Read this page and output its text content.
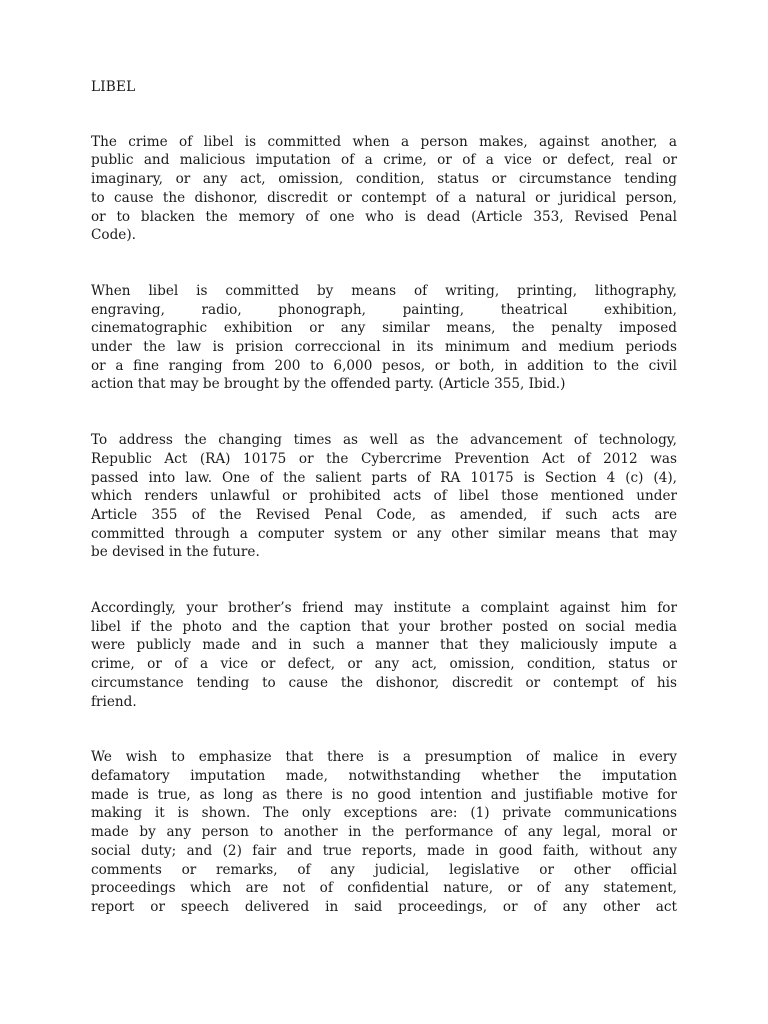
LIBEL
The crime of libel is committed when a person makes, against another, a
public and malicious imputation of a crime, or of a vice or defect, real or
imaginary, or any act, omission, condition, status or circumstance tending
to cause the dishonor, discredit or contempt of a natural or juridical person,
or to blacken the memory of one who is dead (Article 353, Revised Penal
Code).
When libel is committed by means of writing, printing, lithography,
engraving, radio, phonograph, painting, theatrical exhibition,
cinematographic exhibition or any similar means, the penalty imposed
under the law is prision correccional in its minimum and medium periods
or a fine ranging from 200 to 6,000 pesos, or both, in addition to the civil
action that may be brought by the offended party. (Article 355, Ibid.)
To address the changing times as well as the advancement of technology,
Republic Act (RA) 10175 or the Cybercrime Prevention Act of 2012 was
passed into law. One of the salient parts of RA 10175 is Section 4 (c) (4),
which renders unlawful or prohibited acts of libel those mentioned under
Article 355 of the Revised Penal Code, as amended, if such acts are
committed through a computer system or any other similar means that may
be devised in the future.
Accordingly, your brother’s friend may institute a complaint against him for
libel if the photo and the caption that your brother posted on social media
were publicly made and in such a manner that they maliciously impute a
crime, or of a vice or defect, or any act, omission, condition, status or
circumstance tending to cause the dishonor, discredit or contempt of his
friend.
We wish to emphasize that there is a presumption of malice in every
defamatory imputation made, notwithstanding whether the imputation
made is true, as long as there is no good intention and justifiable motive for
making it is shown. The only exceptions are: (1) private communications
made by any person to another in the performance of any legal, moral or
social duty; and (2) fair and true reports, made in good faith, without any
comments or remarks, of any judicial, legislative or other official
proceedings which are not of confidential nature, or of any statement,
report or speech delivered in said proceedings, or of any other act
